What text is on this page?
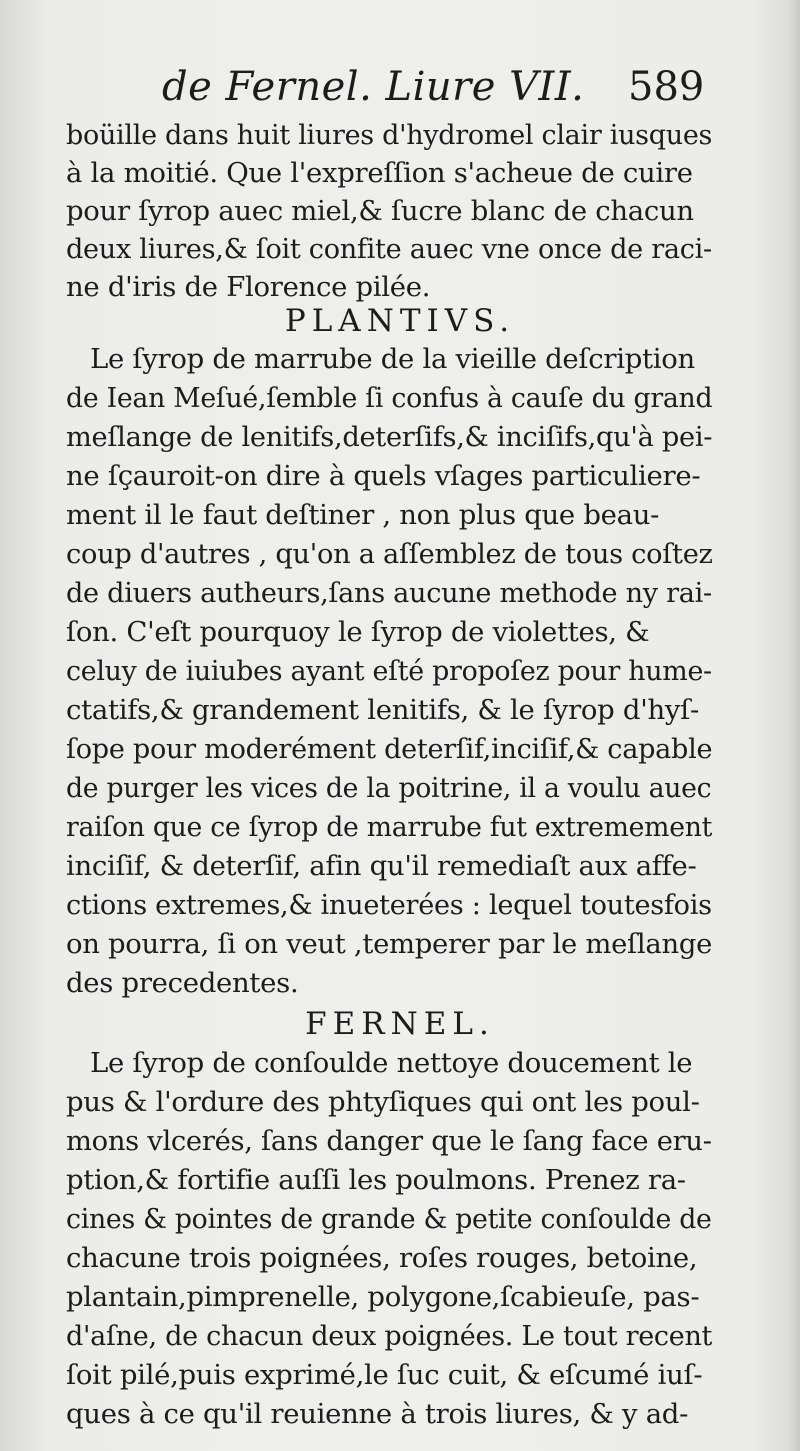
de Fernel. Liure VII. 589
boüille dans huit liures d'hydromel clair iusques
à la moitié. Que l'expreſſion s'acheue de cuire
pour ſyrop auec miel,& ſucre blanc de chacun
deux liures,& ſoit confite auec vne once de raci-
ne d'iris de Florence pilée.
PLANTIVS.
Le ſyrop de marrube de la vieille deſcription
de Iean Meſué,ſemble ſi confus à cauſe du grand
meſlange de lenitifs,deterſifs,& inciſifs,qu'à pei-
ne ſçauroit-on dire à quels vſages particuliere-
ment il le faut deſtiner , non plus que beau-
coup d'autres , qu'on a aſſemblez de tous coſtez
de diuers autheurs,ſans aucune methode ny rai-
ſon. C'eſt pourquoy le ſyrop de violettes, &
celuy de iuiubes ayant eſté propoſez pour hume-
ctatifs,& grandement lenitifs, & le ſyrop d'hyſ-
ſope pour moderément deterſif,inciſif,& capable
de purger les vices de la poitrine, il a voulu auec
raiſon que ce ſyrop de marrube fut extremement
inciſif, & deterſif, afin qu'il remediaſt aux affe-
ctions extremes,& inueterées : lequel toutesfois
on pourra, ſi on veut ,temperer par le meſlange
des precedentes.
FERNEL.
Le ſyrop de conſoulde nettoye doucement le
pus & l'ordure des phtyſiques qui ont les poul-
mons vlcerés, ſans danger que le ſang face eru-
ption,& fortifie auſſi les poulmons. Prenez ra-
cines & pointes de grande & petite conſoulde de
chacune trois poignées, roſes rouges, betoine,
plantain,pimprenelle, polygone,ſcabieuſe, pas-
d'aſne, de chacun deux poignées. Le tout recent
ſoit pilé,puis exprimé,le ſuc cuit, & eſcumé iuſ-
ques à ce qu'il reuienne à trois liures, & y ad-
